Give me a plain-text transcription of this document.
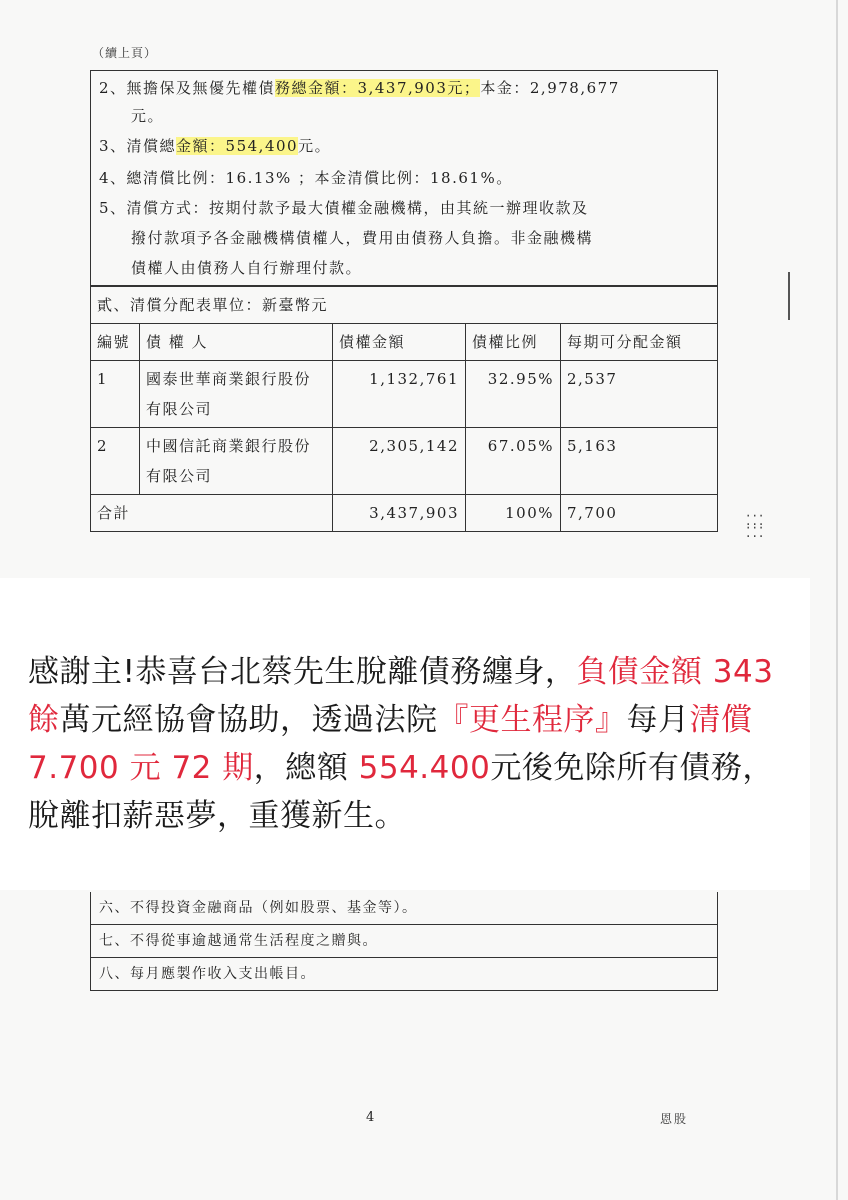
⁚⁚⁚
⁚⁚⁚
（續上頁）
2、無擔保及無優先權債務總金額：3,437,903元；本金：2,978,677
元。
3、清償總金額：554,400元。
4、總清償比例：16.13% ；本金清償比例：18.61%。
5、清償方式：按期付款予最大債權金融機構，由其統一辦理收款及
撥付款項予各金融機構債權人，費用由債務人負擔。非金融機構
債權人由債務人自行辦理付款。
貳、清償分配表單位：新臺幣元				
編號	債 權 人	債權金額	債權比例	每期可分配金額
1	國泰世華商業銀行股份有限公司	1,132,761	32.95%	2,537
2	中國信託商業銀行股份有限公司	2,305,142	67.05%	5,163
合計		3,437,903	100%	7,700
感謝主!恭喜台北蔡先生脫離債務纏身，負債金額 343 餘萬元經協會協助，透過法院『更生程序』每月清償 7.700 元 72 期，總額 554.400元後免除所有債務，脫離扣薪惡夢，重獲新生。
六、不得投資金融商品（例如股票、基金等）。
七、不得從事逾越通常生活程度之贈與。
八、每月應製作收入支出帳目。
4	恩股
